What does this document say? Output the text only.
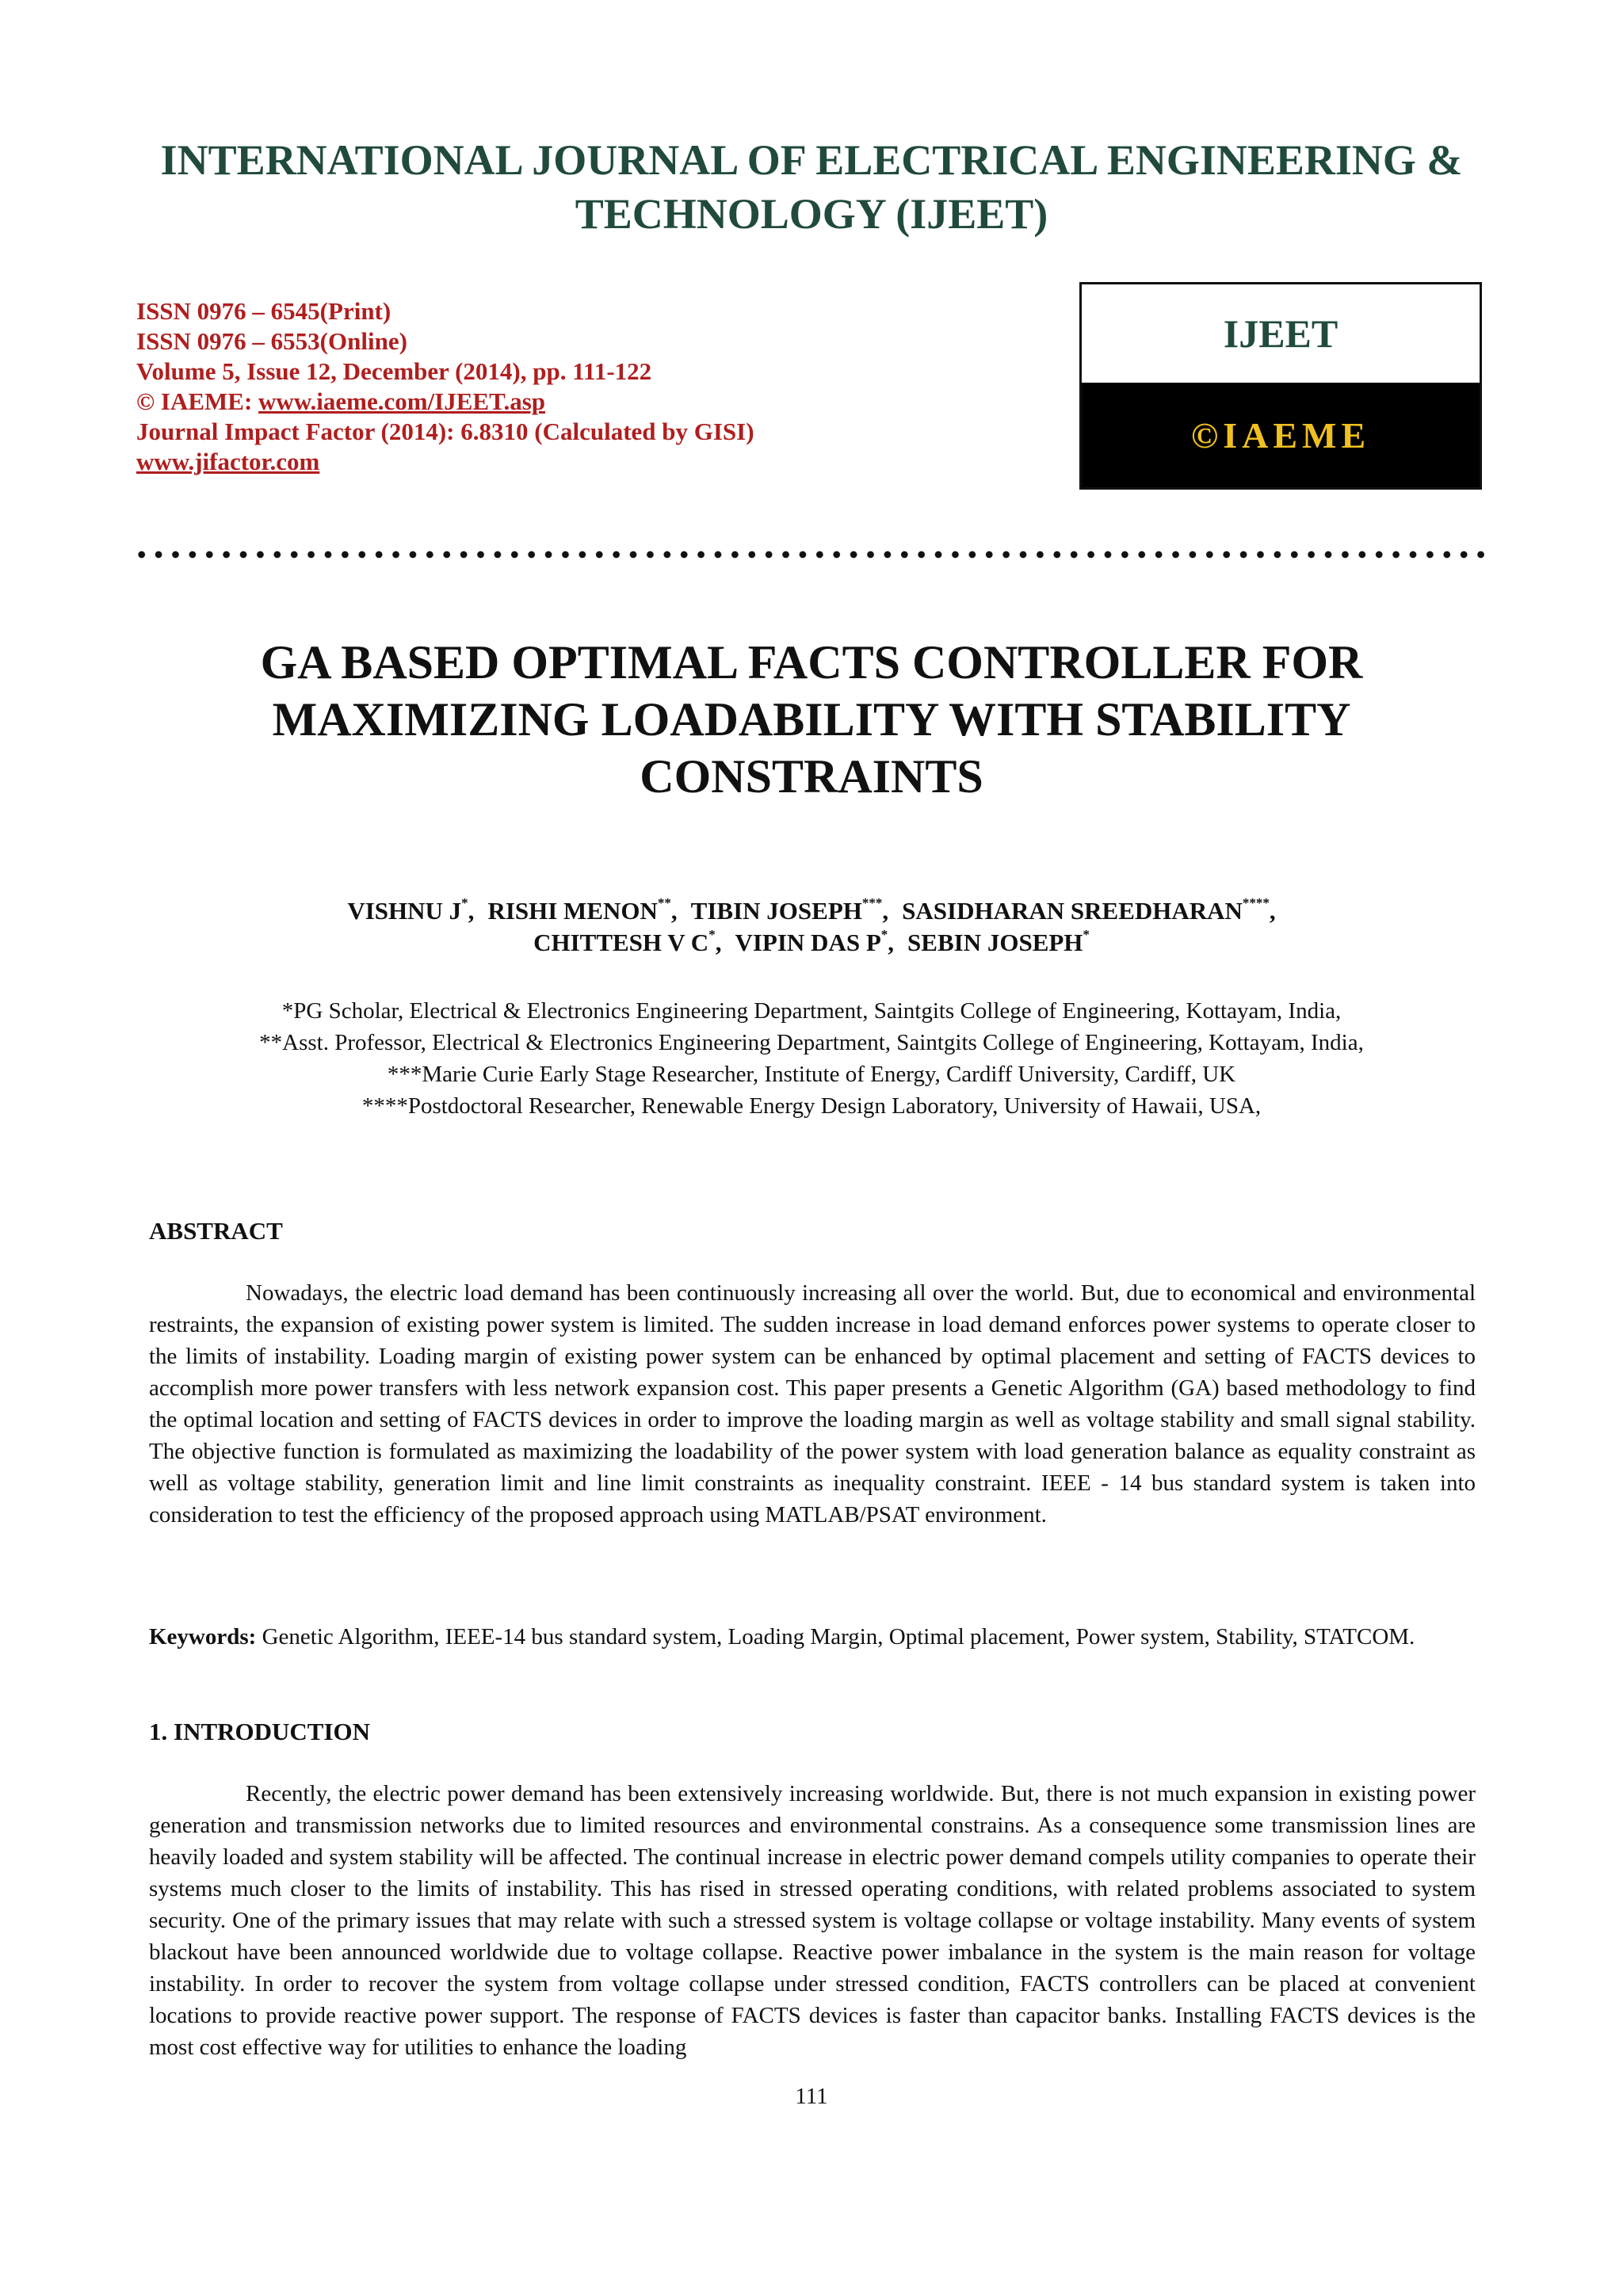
INTERNATIONAL JOURNAL OF ELECTRICAL ENGINEERING &
TECHNOLOGY (IJEET)
ISSN 0976 – 6545(Print)
ISSN 0976 – 6553(Online)
Volume 5, Issue 12, December (2014), pp. 111-122
© IAEME: www.iaeme.com/IJEET.asp
Journal Impact Factor (2014): 6.8310 (Calculated by GISI)
www.jifactor.com
IJEET
©IAEME
GA BASED OPTIMAL FACTS CONTROLLER FOR
MAXIMIZING LOADABILITY WITH STABILITY
CONSTRAINTS
VISHNU J*, RISHI MENON**, TIBIN JOSEPH***, SASIDHARAN SREEDHARAN****,
CHITTESH V C*, VIPIN DAS P*, SEBIN JOSEPH*
*PG Scholar, Electrical & Electronics Engineering Department, Saintgits College of Engineering, Kottayam, India,
**Asst. Professor, Electrical & Electronics Engineering Department, Saintgits College of Engineering, Kottayam, India,
***Marie Curie Early Stage Researcher, Institute of Energy, Cardiff University, Cardiff, UK
****Postdoctoral Researcher, Renewable Energy Design Laboratory, University of Hawaii, USA,
ABSTRACT

Nowadays, the electric load demand has been continuously increasing all over the world. But, due to economical and environmental restraints, the expansion of existing power system is limited. The sudden increase in load demand enforces power systems to operate closer to the limits of instability. Loading margin of existing power system can be enhanced by optimal placement and setting of FACTS devices to accomplish more power transfers with less network expansion cost. This paper presents a Genetic Algorithm (GA) based methodology to find the optimal location and setting of FACTS devices in order to improve the loading margin as well as voltage stability and small signal stability. The objective function is formulated as maximizing the loadability of the power system with load generation balance as equality constraint as well as voltage stability, generation limit and line limit constraints as inequality constraint. IEEE - 14 bus standard system is taken into consideration to test the efficiency of the proposed approach using MATLAB/PSAT environment.

Keywords: Genetic Algorithm, IEEE-14 bus standard system, Loading Margin, Optimal placement, Power system, Stability, STATCOM.

1. INTRODUCTION

Recently, the electric power demand has been extensively increasing worldwide. But, there is not much expansion in existing power generation and transmission networks due to limited resources and environmental constrains. As a consequence some transmission lines are heavily loaded and system stability will be affected. The continual increase in electric power demand compels utility companies to operate their systems much closer to the limits of instability. This has rised in stressed operating conditions, with related problems associated to system security. One of the primary issues that may relate with such a stressed system is voltage collapse or voltage instability. Many events of system blackout have been announced worldwide due to voltage collapse. Reactive power imbalance in the system is the main reason for voltage instability. In order to recover the system from voltage collapse under stressed condition, FACTS controllers can be placed at convenient locations to provide reactive power support. The response of FACTS devices is faster than capacitor banks. Installing FACTS devices is the most cost effective way for utilities to enhance the loading

111
